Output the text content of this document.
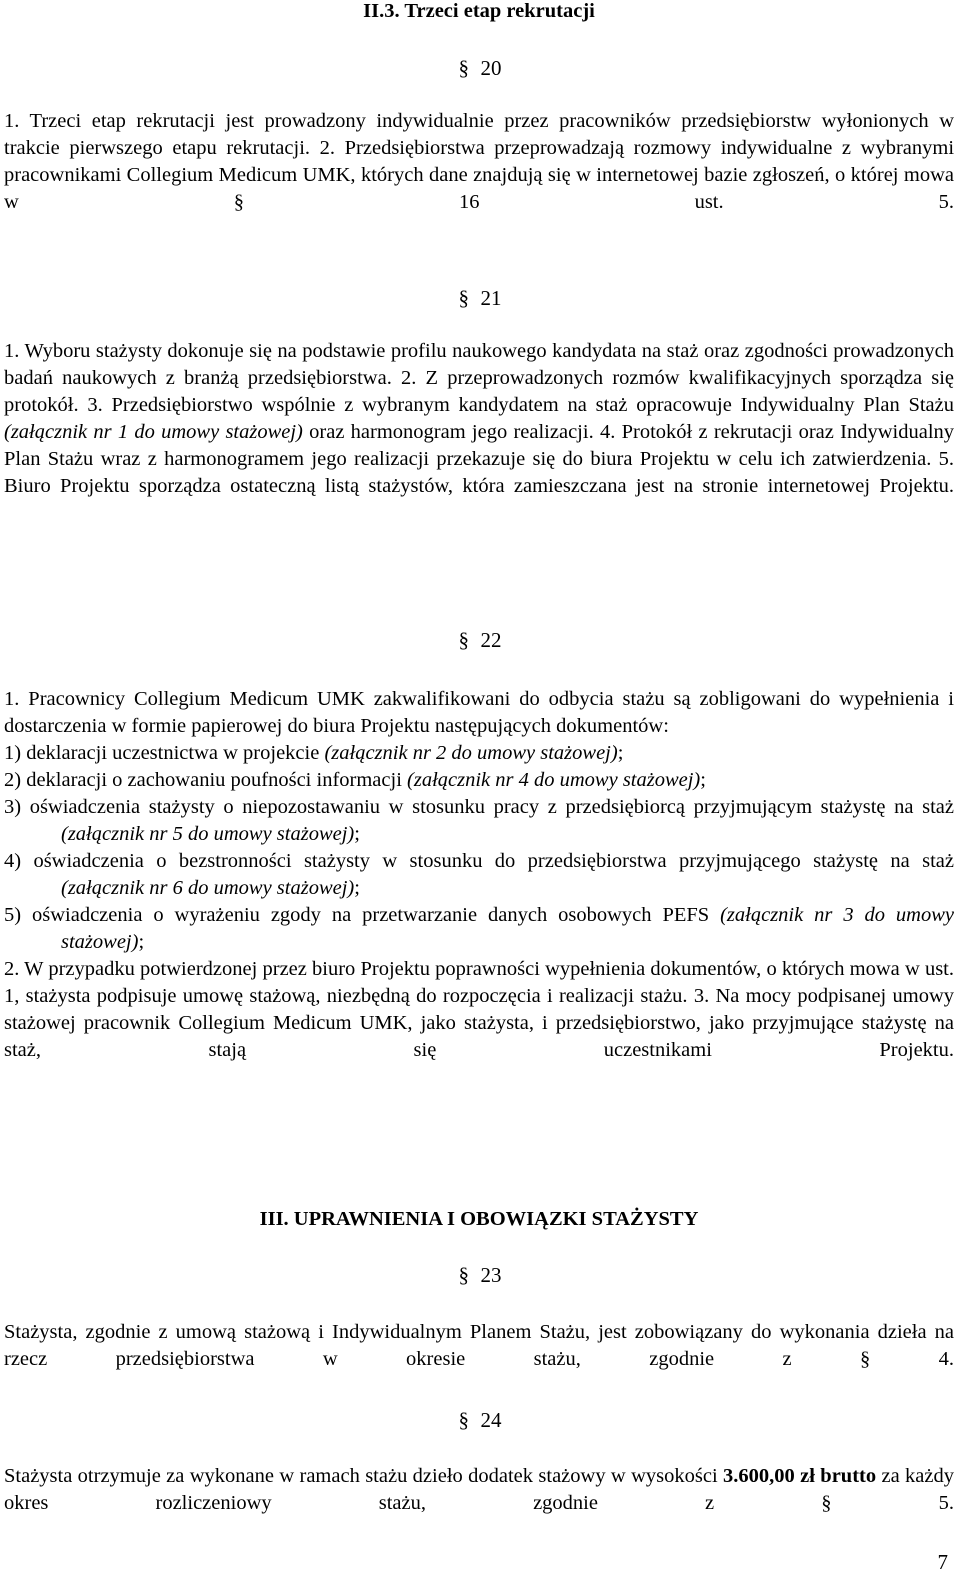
II.3. Trzeci etap rekrutacji
§ 20
1. Trzeci etap rekrutacji jest prowadzony indywidualnie przez pracowników przedsiębiorstw wyłonionych w trakcie pierwszego etapu rekrutacji. 2. Przedsiębiorstwa przeprowadzają rozmowy indywidualne z wybranymi pracownikami Collegium Medicum UMK, których dane znajdują się w internetowej bazie zgłoszeń, o której mowa w § 16 ust. 5.
§ 21
1. Wyboru stażysty dokonuje się na podstawie profilu naukowego kandydata na staż oraz zgodności prowadzonych badań naukowych z branżą przedsiębiorstwa. 2. Z przeprowadzonych rozmów kwalifikacyjnych sporządza się protokół. 3. Przedsiębiorstwo wspólnie z wybranym kandydatem na staż opracowuje Indywidualny Plan Stażu (załącznik nr 1 do umowy stażowej) oraz harmonogram jego realizacji. 4. Protokół z rekrutacji oraz Indywidualny Plan Stażu wraz z harmonogramem jego realizacji przekazuje się do biura Projektu w celu ich zatwierdzenia. 5. Biuro Projektu sporządza ostateczną listą stażystów, która zamieszczana jest na stronie internetowej Projektu.
§ 22
1. Pracownicy Collegium Medicum UMK zakwalifikowani do odbycia stażu są zobligowani do wypełnienia i dostarczenia w formie papierowej do biura Projektu następujących dokumentów:
1) deklaracji uczestnictwa w projekcie (załącznik nr 2 do umowy stażowej);
2) deklaracji o zachowaniu poufności informacji (załącznik nr 4 do umowy stażowej);
3) oświadczenia stażysty o niepozostawaniu w stosunku pracy z przedsiębiorcą przyjmującym stażystę na staż (załącznik nr 5 do umowy stażowej);
4) oświadczenia o bezstronności stażysty w stosunku do przedsiębiorstwa przyjmującego stażystę na staż (załącznik nr 6 do umowy stażowej);
5) oświadczenia o wyrażeniu zgody na przetwarzanie danych osobowych PEFS (załącznik nr 3 do umowy stażowej);
2. W przypadku potwierdzonej przez biuro Projektu poprawności wypełnienia dokumentów, o których mowa w ust. 1, stażysta podpisuje umowę stażową, niezbędną do rozpoczęcia i realizacji stażu. 3. Na mocy podpisanej umowy stażowej pracownik Collegium Medicum UMK, jako stażysta, i przedsiębiorstwo, jako przyjmujące stażystę na staż, stają się uczestnikami Projektu.
III. UPRAWNIENIA I OBOWIĄZKI STAŻYSTY
§ 23
Stażysta, zgodnie z umową stażową i Indywidualnym Planem Stażu, jest zobowiązany do wykonania dzieła na rzecz przedsiębiorstwa w okresie stażu, zgodnie z § 4.
§ 24
Stażysta otrzymuje za wykonane w ramach stażu dzieło dodatek stażowy w wysokości 3.600,00 zł brutto za każdy okres rozliczeniowy stażu, zgodnie z § 5.
7
